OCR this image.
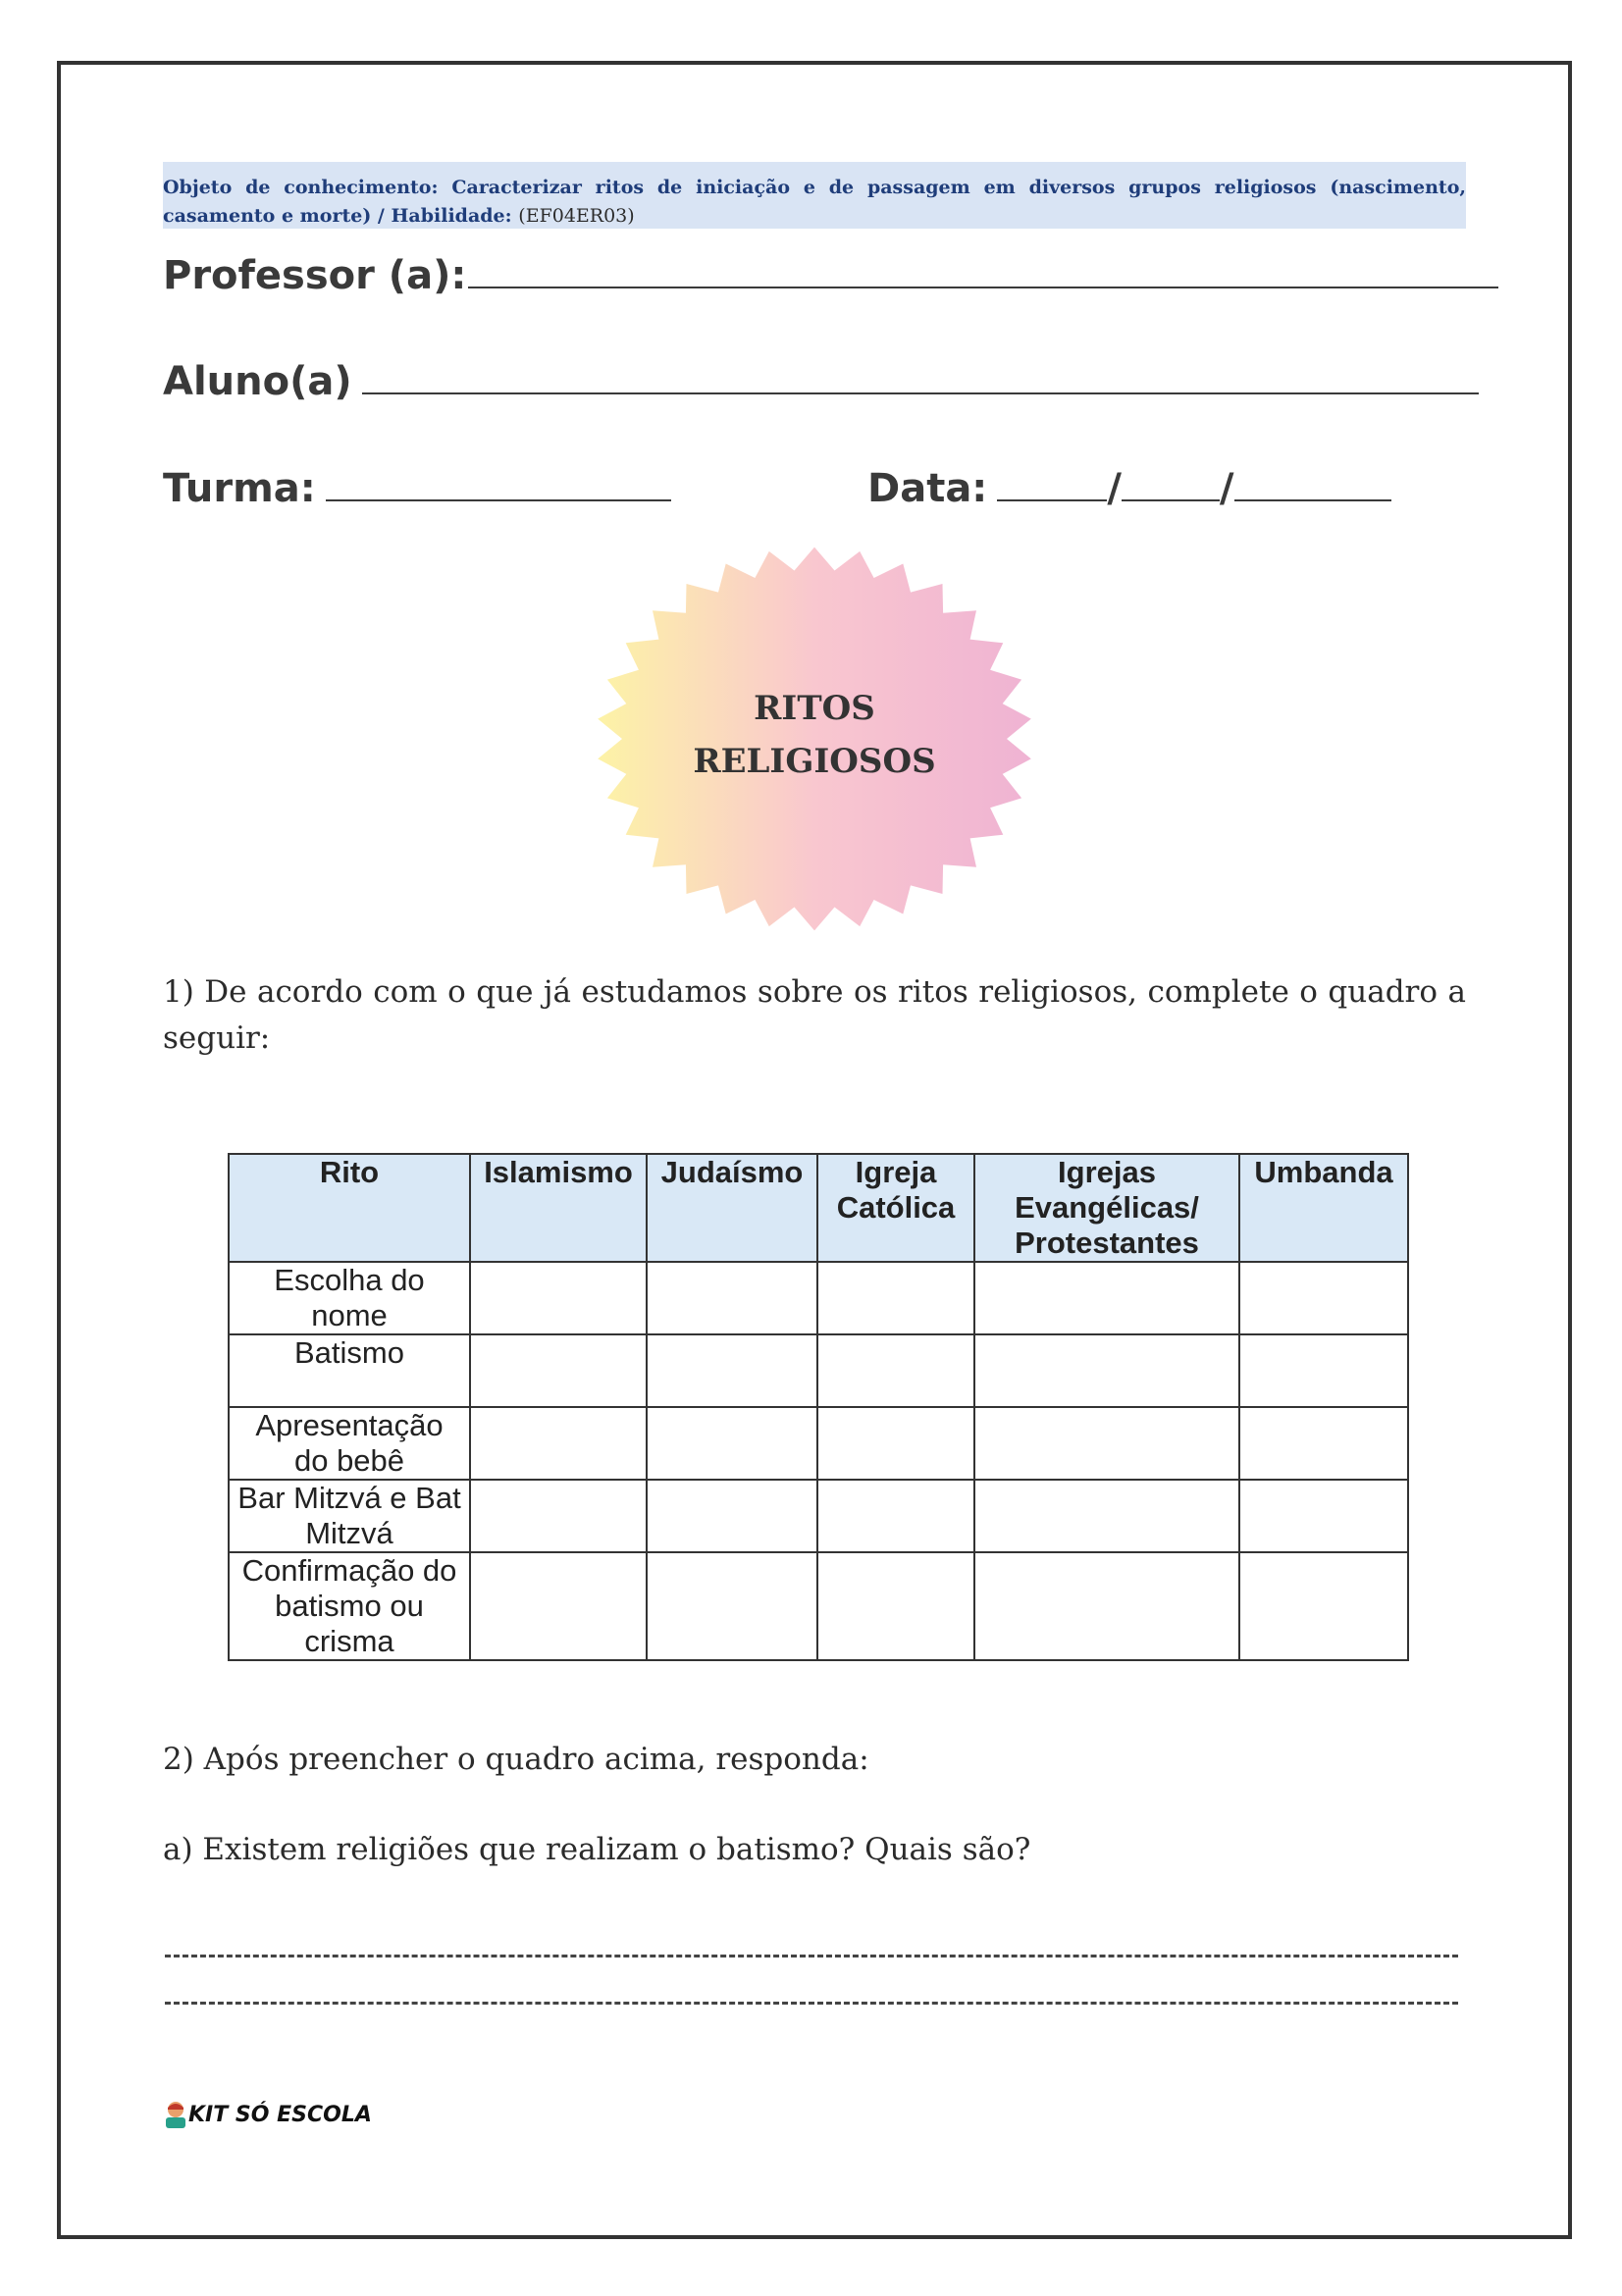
Objeto de conhecimento: Caracterizar ritos de iniciação e de passagem em diversos grupos religiosos (nascimento, casamento e morte) / Habilidade: (EF04ER03)
Professor (a):
Aluno(a)
Turma:	Data:	/	/
RITOS
RELIGIOSOS
1) De acordo com o que já estudamos sobre os ritos religiosos, complete o quadro a seguir:
Rito	Islamismo	Judaísmo	Igreja Católica	Igrejas Evangélicas/ Protestantes	Umbanda
Escolha do nome					
Batismo					
Apresentação do bebê					
Bar Mitzvá e Bat Mitzvá					
Confirmação do batismo ou crisma					
2) Após preencher o quadro acima, responda:
a) Existem religiões que realizam o batismo? Quais são?
KIT SÓ ESCOLA
